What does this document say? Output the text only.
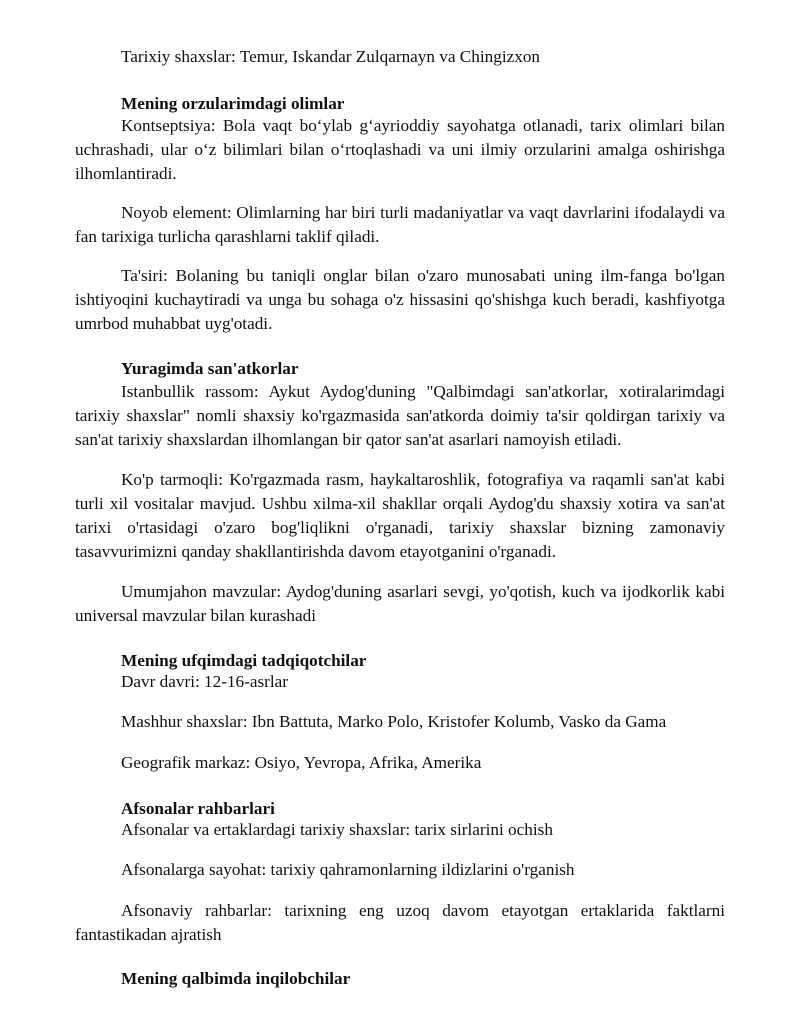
Tarixiy shaxslar: Temur, Iskandar Zulqarnayn va Chingizxon

Mening orzularimdagi olimlar

Kontseptsiya: Bola vaqt bo‘ylab g‘ayrioddiy sayohatga otlanadi, tarix olimlari bilan uchrashadi, ular o‘z bilimlari bilan o‘rtoqlashadi va uni ilmiy orzularini amalga oshirishga ilhomlantiradi.

Noyob element: Olimlarning har biri turli madaniyatlar va vaqt davrlarini ifodalaydi va fan tarixiga turlicha qarashlarni taklif qiladi.

Ta'siri: Bolaning bu taniqli onglar bilan o'zaro munosabati uning ilm-fanga bo'lgan ishtiyoqini kuchaytiradi va unga bu sohaga o'z hissasini qo'shishga kuch beradi, kashfiyotga umrbod muhabbat uyg'otadi.

Yuragimda san'atkorlar

Istanbullik rassom: Aykut Aydog'duning "Qalbimdagi san'atkorlar, xotiralarimdagi tarixiy shaxslar" nomli shaxsiy ko'rgazmasida san'atkorda doimiy ta'sir qoldirgan tarixiy va san'at tarixiy shaxslardan ilhomlangan bir qator san'at asarlari namoyish etiladi.

Ko'p tarmoqli: Ko'rgazmada rasm, haykaltaroshlik, fotografiya va raqamli san'at kabi turli xil vositalar mavjud. Ushbu xilma-xil shakllar orqali Aydog'du shaxsiy xotira va san'at tarixi o'rtasidagi o'zaro bog'liqlikni o'rganadi, tarixiy shaxslar bizning zamonaviy tasavvurimizni qanday shakllantirishda davom etayotganini o'rganadi.

Umumjahon mavzular: Aydog'duning asarlari sevgi, yo'qotish, kuch va ijodkorlik kabi universal mavzular bilan kurashadi

Mening ufqimdagi tadqiqotchilar

Davr davri: 12-16-asrlar

Mashhur shaxslar: Ibn Battuta, Marko Polo, Kristofer Kolumb, Vasko da Gama

Geografik markaz: Osiyo, Yevropa, Afrika, Amerika

Afsonalar rahbarlari

Afsonalar va ertaklardagi tarixiy shaxslar: tarix sirlarini ochish

Afsonalarga sayohat: tarixiy qahramonlarning ildizlarini o'rganish

Afsonaviy rahbarlar: tarixning eng uzoq davom etayotgan ertaklarida faktlarni fantastikadan ajratish

Mening qalbimda inqilobchilar
